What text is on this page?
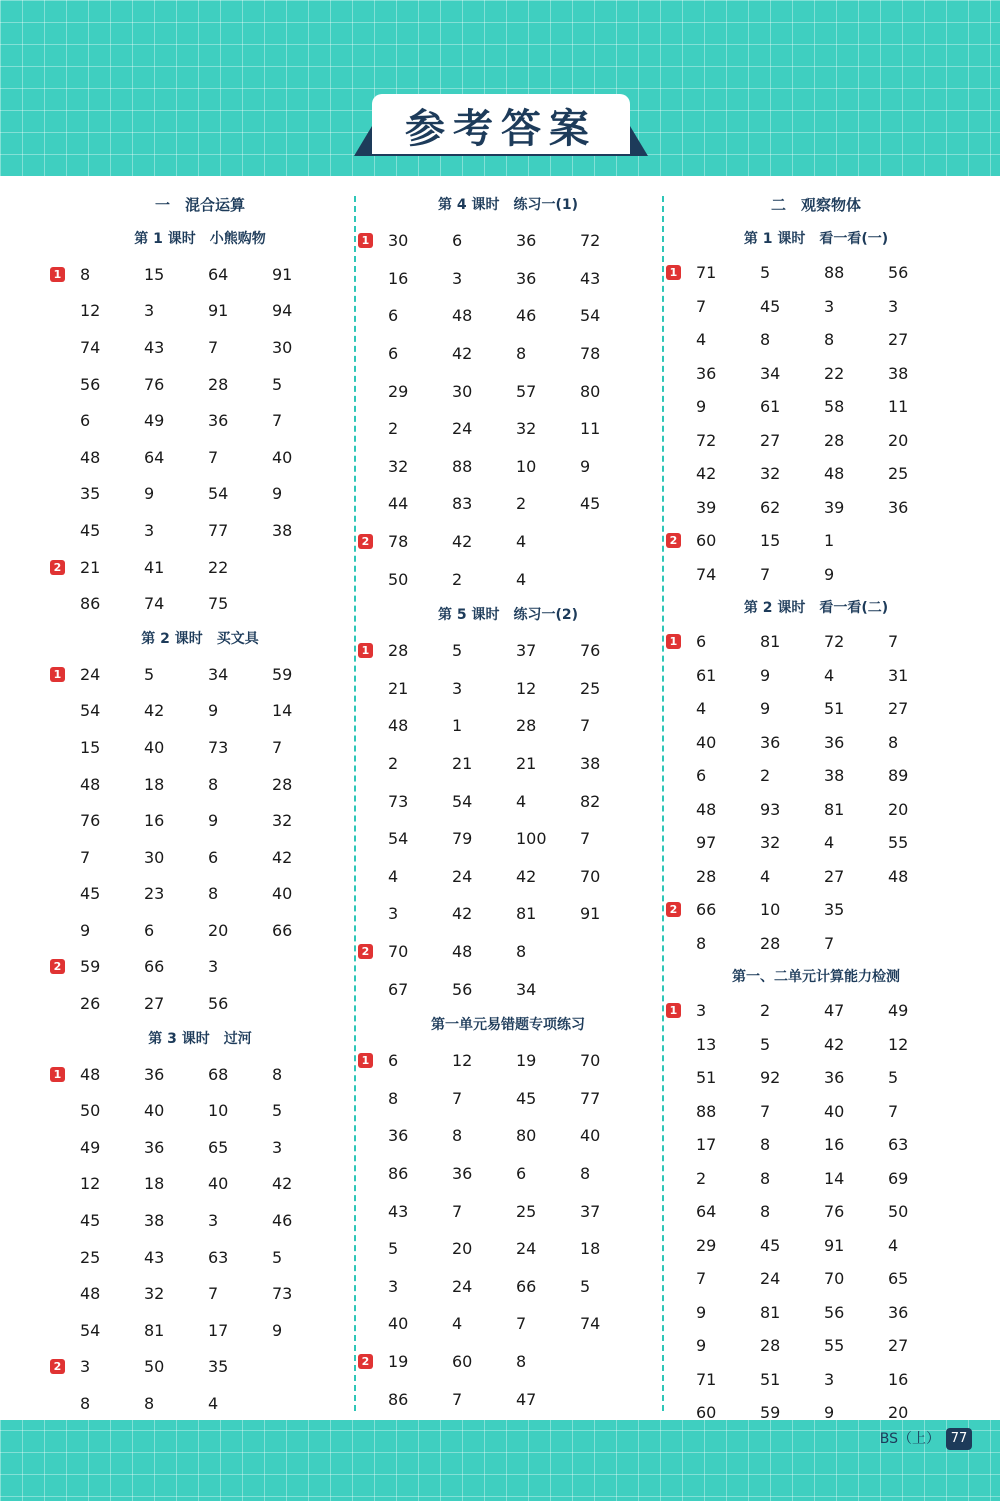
参考答案
一　混合运算
第 1 课时　小熊购物
1 8	15	64	91
12	3	91	94
74	43	7	30
56	76	28	5
6	49	36	7
48	64	7	40
35	9	54	9
45	3	77	38
2 21	41	22
86	74	75
第 2 课时　买文具
1 24	5	34	59
54	42	9	14
15	40	73	7
48	18	8	28
76	16	9	32
7	30	6	42
45	23	8	40
9	6	20	66
2 59	66	3
26	27	56
第 3 课时　过河
1 48	36	68	8
50	40	10	5
49	36	65	3
12	18	40	42
45	38	3	46
25	43	63	5
48	32	7	73
54	81	17	9
2 3	50	35
8	8	4
第 4 课时　练习一(1)
1 30	6	36	72
16	3	36	43
6	48	46	54
6	42	8	78
29	30	57	80
2	24	32	11
32	88	10	9
44	83	2	45
2 78	42	4
50	2	4
第 5 课时　练习一(2)
1 28	5	37	76
21	3	12	25
48	1	28	7
2	21	21	38
73	54	4	82
54	79	100	7
4	24	42	70
3	42	81	91
2 70	48	8
67	56	34
第一单元易错题专项练习
1 6	12	19	70
8	7	45	77
36	8	80	40
86	36	6	8
43	7	25	37
5	20	24	18
3	24	66	5
40	4	7	74
2 19	60	8
86	7	47
二　观察物体
第 1 课时　看一看(一)
1 71	5	88	56
7	45	3	3
4	8	8	27
36	34	22	38
9	61	58	11
72	27	28	20
42	32	48	25
39	62	39	36
2 60	15	1
74	7	9
第 2 课时　看一看(二)
1 6	81	72	7
61	9	4	31
4	9	51	27
40	36	36	8
6	2	38	89
48	93	81	20
97	32	4	55
28	4	27	48
2 66	10	35
8	28	7
第一、二单元计算能力检测
1 3	2	47	49
13	5	42	12
51	92	36	5
88	7	40	7
17	8	16	63
2	8	14	69
64	8	76	50
29	45	91	4
7	24	70	65
9	81	56	36
9	28	55	27
71	51	3	16
60	59	9	20
BS（上） 77
